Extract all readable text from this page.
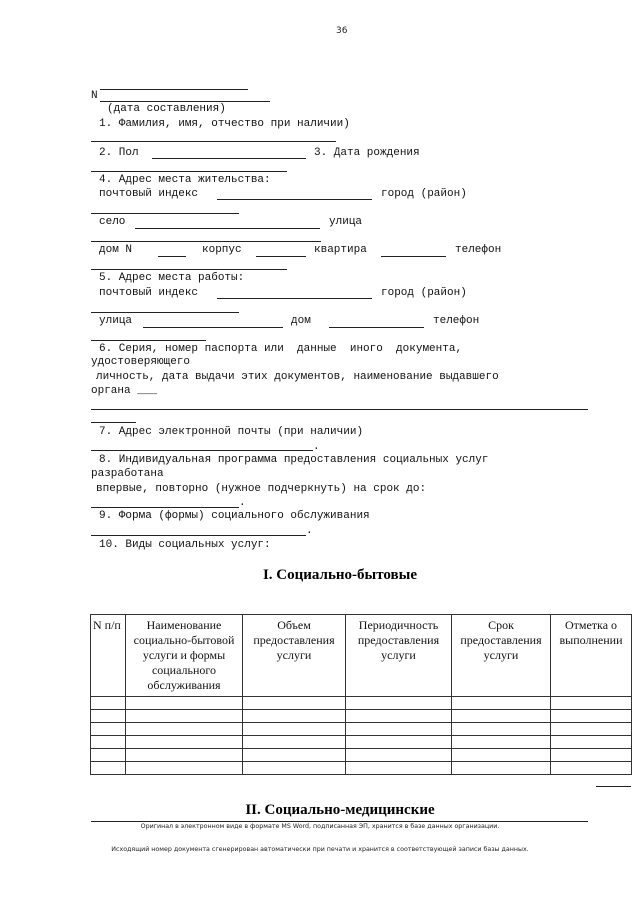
36
N
(дата составления)
1. Фамилия, имя, отчество при наличии)
2. Пол	3. Дата рождения
4. Адрес места жительства:
почтовый индекс	город (район)
село	улица
дом N	корпус	квартира	телефон
5. Адрес места работы:
почтовый индекс	город (район)
улица	дом	телефон
6. Серия, номер паспорта или  данные  иного  документа,
удостоверяющего
личность, дата выдачи этих документов, наименование выдавшего
органа ___
7. Адрес электронной почты (при наличии)
.
8. Индивидуальная программа предоставления социальных услуг
разработана
впервые, повторно (нужное подчеркнуть) на срок до:
.
9. Форма (формы) социального обслуживания
.
10. Виды социальных услуг:
I. Социально-бытовые
N п/п	Наименование социально-бытовой услуги и формы социального обслуживания	Объем предоставления услуги	Периодичность предоставления услуги	Срок предоставления услуги	Отметка о выполнении

II. Социально-медицинские
Оригинал в электронном виде в формате MS Word, подписанная ЭП, хранится в базе данных организации.
Исходящий номер документа сгенерирован автоматически при печати и хранится в соответствующей записи базы данных.
